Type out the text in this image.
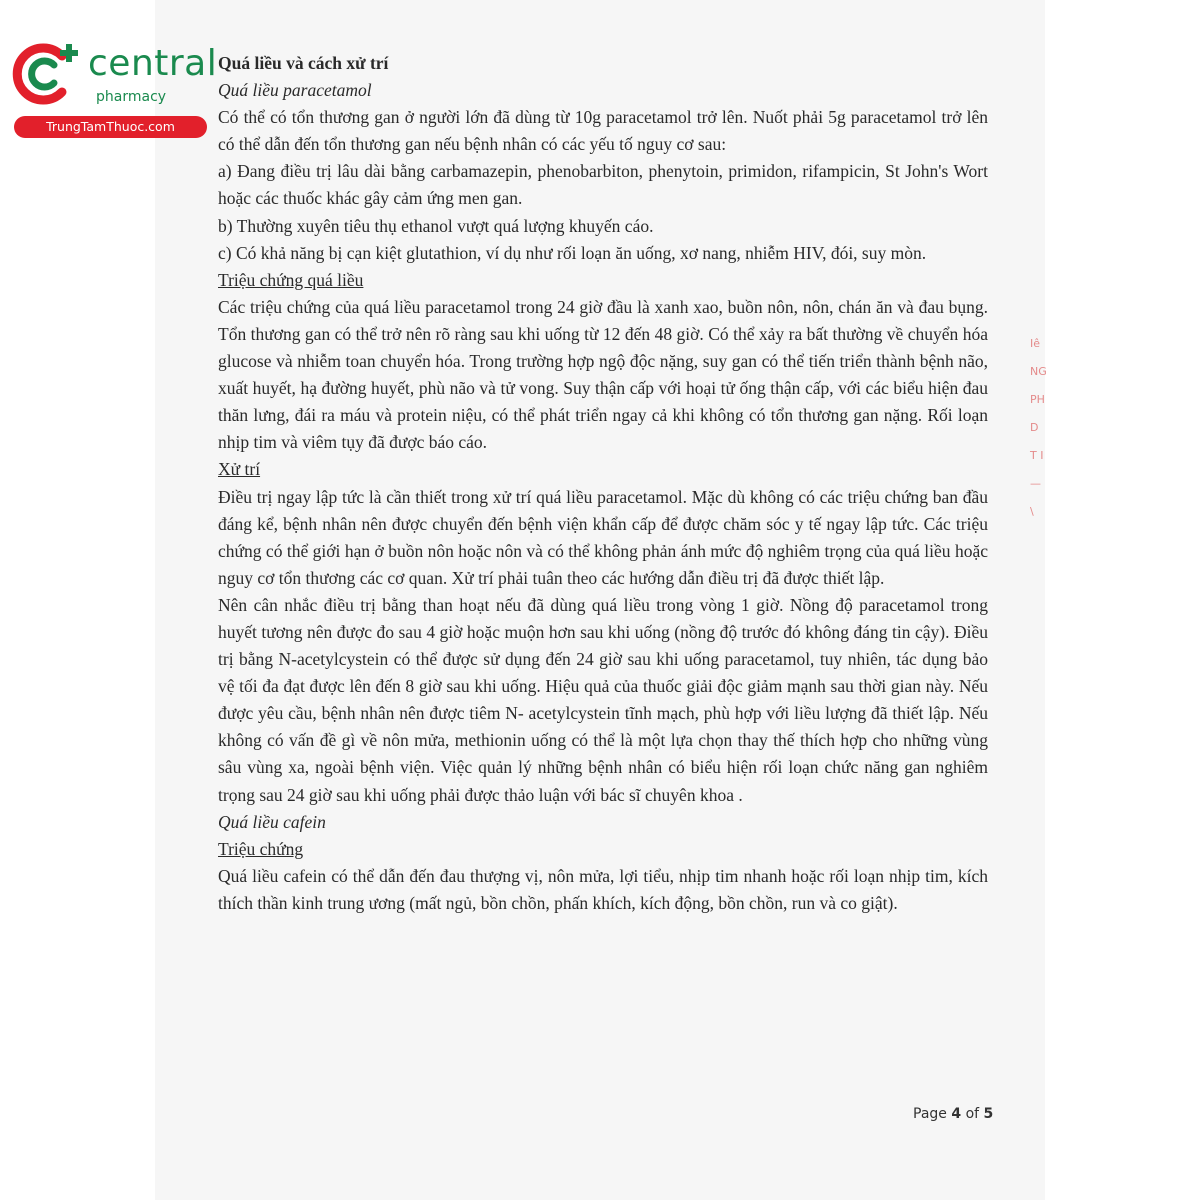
central
pharmacy
TrungTamThuoc.com

Quá liều và cách xử trí

Quá liều paracetamol

Có thể có tổn thương gan ở người lớn đã dùng từ 10g paracetamol trở lên. Nuốt phải 5g paracetamol trở lên có thể dẫn đến tổn thương gan nếu bệnh nhân có các yếu tố nguy cơ sau:

a) Đang điều trị lâu dài bằng carbamazepin, phenobarbiton, phenytoin, primidon, rifampicin, St John's Wort hoặc các thuốc khác gây cảm ứng men gan.

b) Thường xuyên tiêu thụ ethanol vượt quá lượng khuyến cáo.

c) Có khả năng bị cạn kiệt glutathion, ví dụ như rối loạn ăn uống, xơ nang, nhiễm HIV, đói, suy mòn.

Triệu chứng quá liều

Các triệu chứng của quá liều paracetamol trong 24 giờ đầu là xanh xao, buồn nôn, nôn, chán ăn và đau bụng. Tổn thương gan có thể trở nên rõ ràng sau khi uống từ 12 đến 48 giờ. Có thể xảy ra bất thường về chuyển hóa glucose và nhiễm toan chuyển hóa. Trong trường hợp ngộ độc nặng, suy gan có thể tiến triển thành bệnh não, xuất huyết, hạ đường huyết, phù não và tử vong. Suy thận cấp với hoại tử ống thận cấp, với các biểu hiện đau thăn lưng, đái ra máu và protein niệu, có thể phát triển ngay cả khi không có tổn thương gan nặng. Rối loạn nhịp tim và viêm tụy đã được báo cáo.

Xử trí

Điều trị ngay lập tức là cần thiết trong xử trí quá liều paracetamol. Mặc dù không có các triệu chứng ban đầu đáng kể, bệnh nhân nên được chuyển đến bệnh viện khẩn cấp để được chăm sóc y tế ngay lập tức. Các triệu chứng có thể giới hạn ở buồn nôn hoặc nôn và có thể không phản ánh mức độ nghiêm trọng của quá liều hoặc nguy cơ tổn thương các cơ quan. Xử trí phải tuân theo các hướng dẫn điều trị đã được thiết lập.

Nên cân nhắc điều trị bằng than hoạt nếu đã dùng quá liều trong vòng 1 giờ. Nồng độ paracetamol trong huyết tương nên được đo sau 4 giờ hoặc muộn hơn sau khi uống (nồng độ trước đó không đáng tin cậy). Điều trị bằng N-acetylcystein có thể được sử dụng đến 24 giờ sau khi uống paracetamol, tuy nhiên, tác dụng bảo vệ tối đa đạt được lên đến 8 giờ sau khi uống. Hiệu quả của thuốc giải độc giảm mạnh sau thời gian này. Nếu được yêu cầu, bệnh nhân nên được tiêm N- acetylcystein tĩnh mạch, phù hợp với liều lượng đã thiết lập. Nếu không có vấn đề gì về nôn mửa, methionin uống có thể là một lựa chọn thay thế thích hợp cho những vùng sâu vùng xa, ngoài bệnh viện. Việc quản lý những bệnh nhân có biểu hiện rối loạn chức năng gan nghiêm trọng sau 24 giờ sau khi uống phải được thảo luận với bác sĩ chuyên khoa .

Quá liều cafein

Triệu chứng

Quá liều cafein có thể dẫn đến đau thượng vị, nôn mửa, lợi tiểu, nhịp tim nhanh hoặc rối loạn nhịp tim, kích thích thần kinh trung ương (mất ngủ, bồn chồn, phấn khích, kích động, bồn chồn, run và co giật).

Iê
NG
PH
D
T I
—
\
Page 4 of 5
